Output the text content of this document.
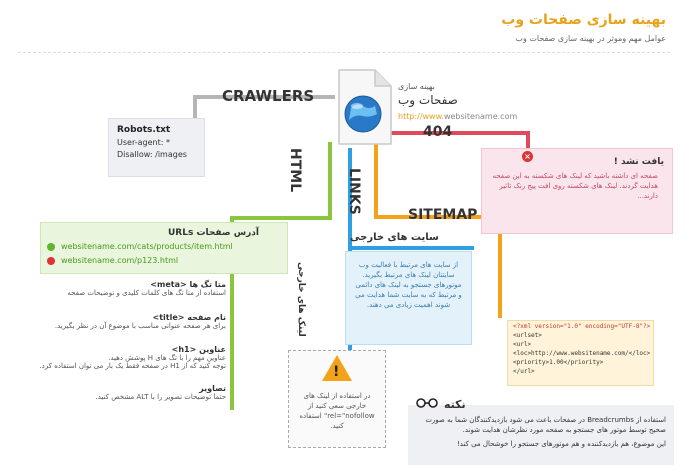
بهینه سازی صفحات وب
عوامل مهم وموثر در بهینه سازی صفحات وب
بهینه سازی
صفحات وب
http://www.websitename.com
CRAWLERS
404
SITEMAP
HTML	LINKS
Robots.txt
User-agent: *
Disallow: /images
یافت نشد !
صفحه ای داشته باشید که لینک های شکسته به این صفحه هدایت گردند. لینک های شکسته روی افت پیج رنک تاثیر دارند...
×
آدرس صفحات URLs
websitename.com/cats/products/item.html
websitename.com/p123.html
متا تگ ها <meta>
استفاده از متا تگ های کلمات کلیدی و توضیحات صفحه
نام صفحه <title>
برای هر صفحه عنوانی مناسب با موضوع آن در نظر بگیرید.
عناوین <h1>
عناوین مهم را با تگ های H پوشش دهید.
توجه کنید که از H1 در صفحه فقط یک بار می توان استفاده کرد.
تصاویر
حتما توضیحات تصویر را با ALT مشخص کنید.
سایت های خارجی
از سایت های مرتبط با فعالیت وب سایتتان لینک های مرتبط بگیرید. موتورهای جستجو به لینک های دائمی و مرتبط که به سایت شما هدایت می شوند اهمیت زیادی می دهند.
لینک های خارجی	<?xml version="1.0" encoding="UTF-8"?>
<urlset>
<url>
<loc>http://www.websitename.com/</loc>
<priority>1.00</priority>
</url>
در استفاده از لینک های خارجی سعی کنید از rel="nofollow" استفاده کنید.
!
استفاده از Breadcrumbs در صفحات باعث می شود بازدیدکنندگان شما به صورت صحیح توسط موتور های جستجو به صفحه مورد نظرشان هدایت شوند.
این موضوع، هم بازدیدکننده و هم موتورهای جستجو را خوشحال می کند!
نکته
